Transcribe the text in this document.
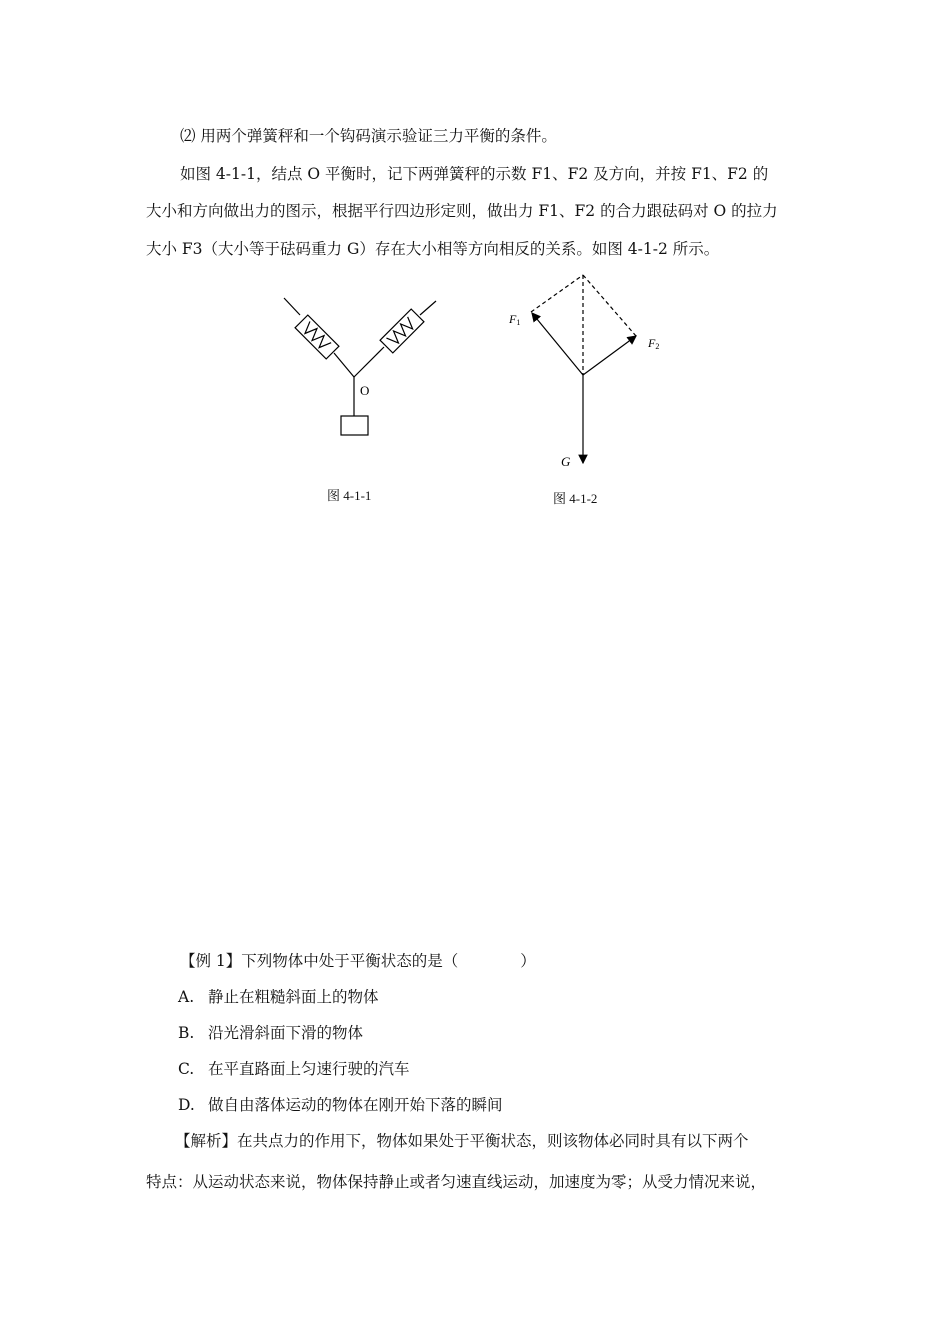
⑵ 用两个弹簧秤和一个钩码演示验证三力平衡的条件。
如图 4-1-1，结点 O 平衡时，记下两弹簧秤的示数 F1、F2 及方向，并按 F1、F2 的
大小和方向做出力的图示，根据平行四边形定则，做出力 F1、F2 的合力跟砝码对 O 的拉力
大小 F3（大小等于砝码重力 G）存在大小相等方向相反的关系。如图 4-1-2 所示。
O
图 4-1-1
F1
F2
G
图 4-1-2
【例 1】下列物体中处于平衡状态的是（　　　　）
A. 静止在粗糙斜面上的物体
B. 沿光滑斜面下滑的物体
C. 在平直路面上匀速行驶的汽车
D. 做自由落体运动的物体在刚开始下落的瞬间
【解析】在共点力的作用下，物体如果处于平衡状态，则该物体必同时具有以下两个
特点：从运动状态来说，物体保持静止或者匀速直线运动，加速度为零；从受力情况来说，
